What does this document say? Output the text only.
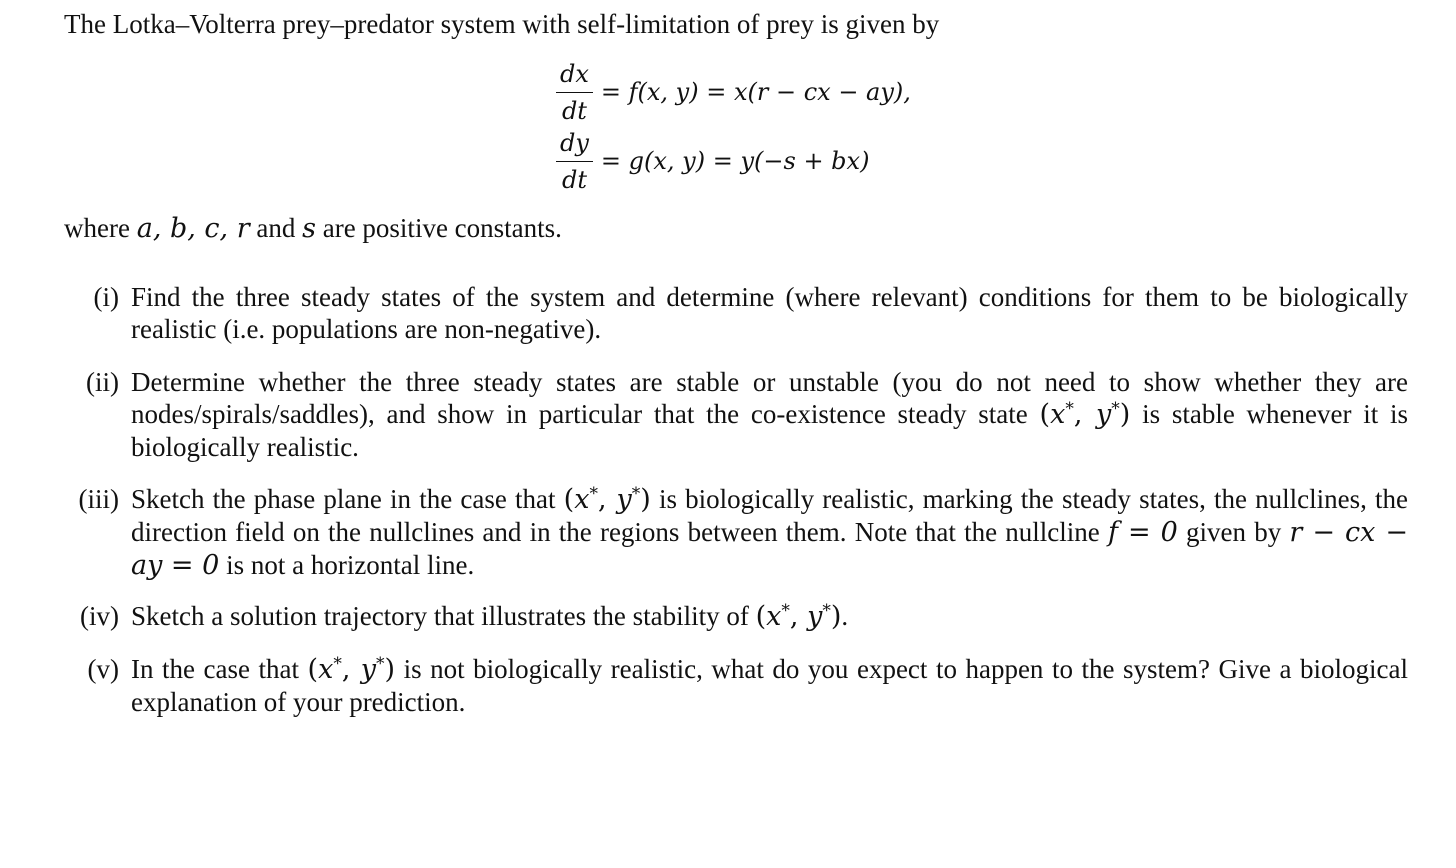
The Lotka–Volterra prey–predator system with self-limitation of prey is given by
$\frac{dx}{dt} = f(x$, y) = x(r − cx − ay),
$\frac{dy}{dt} = g(x$, y) = y(−s + bx)
where a, b, c, r and s are positive constants.
(i) Find the three steady states of the system and determine (where relevant) conditions for them to be biologically realistic (i.e. populations are non-negative).
(ii) Determine whether the three steady states are stable or unstable (you do not need to show whether they are nodes/spirals/saddles), and show in particular that the co-existence steady state (x*, y*) is stable whenever it is biologically realistic.
(iii) Sketch the phase plane in the case that (x*, y*) is biologically realistic, marking the steady states, the nullclines, the direction field on the nullclines and in the regions between them. Note that the nullcline f = 0 given by r − cx − ay = 0 is not a horizontal line.
(iv) Sketch a solution trajectory that illustrates the stability of (x*, y*).
(v) In the case that (x*, y*) is not biologically realistic, what do you expect to happen to the system? Give a biological explanation of your prediction.
